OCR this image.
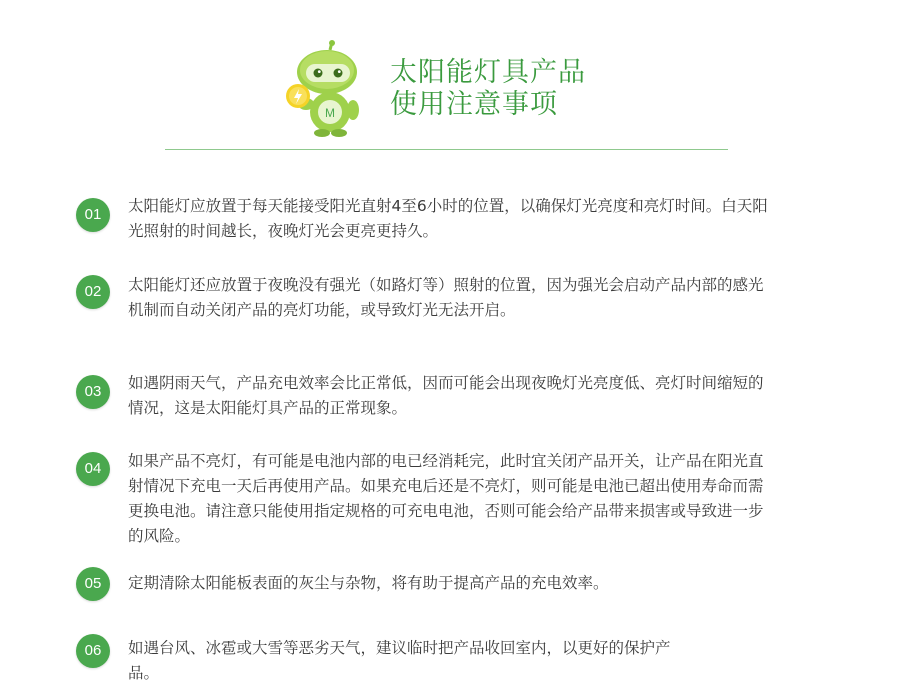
M
太阳能灯具产品
使用注意事项
01	太阳能灯应放置于每天能接受阳光直射4至6小时的位置，以确保灯光亮度和亮灯时间。白天阳光照射的时间越长，夜晚灯光会更亮更持久。
02	太阳能灯还应放置于夜晚没有强光（如路灯等）照射的位置，因为强光会启动产品内部的感光机制而自动关闭产品的亮灯功能，或导致灯光无法开启。
03	如遇阴雨天气，产品充电效率会比正常低，因而可能会出现夜晚灯光亮度低、亮灯时间缩短的情况，这是太阳能灯具产品的正常现象。
04	如果产品不亮灯，有可能是电池内部的电已经消耗完，此时宜关闭产品开关，让产品在阳光直射情况下充电一天后再使用产品。如果充电后还是不亮灯，则可能是电池已超出使用寿命而需更换电池。请注意只能使用指定规格的可充电电池，否则可能会给产品带来损害或导致进一步的风险。
05	定期清除太阳能板表面的灰尘与杂物，将有助于提高产品的充电效率。
06	如遇台风、冰雹或大雪等恶劣天气，建议临时把产品收回室内，以更好的保护产品。
